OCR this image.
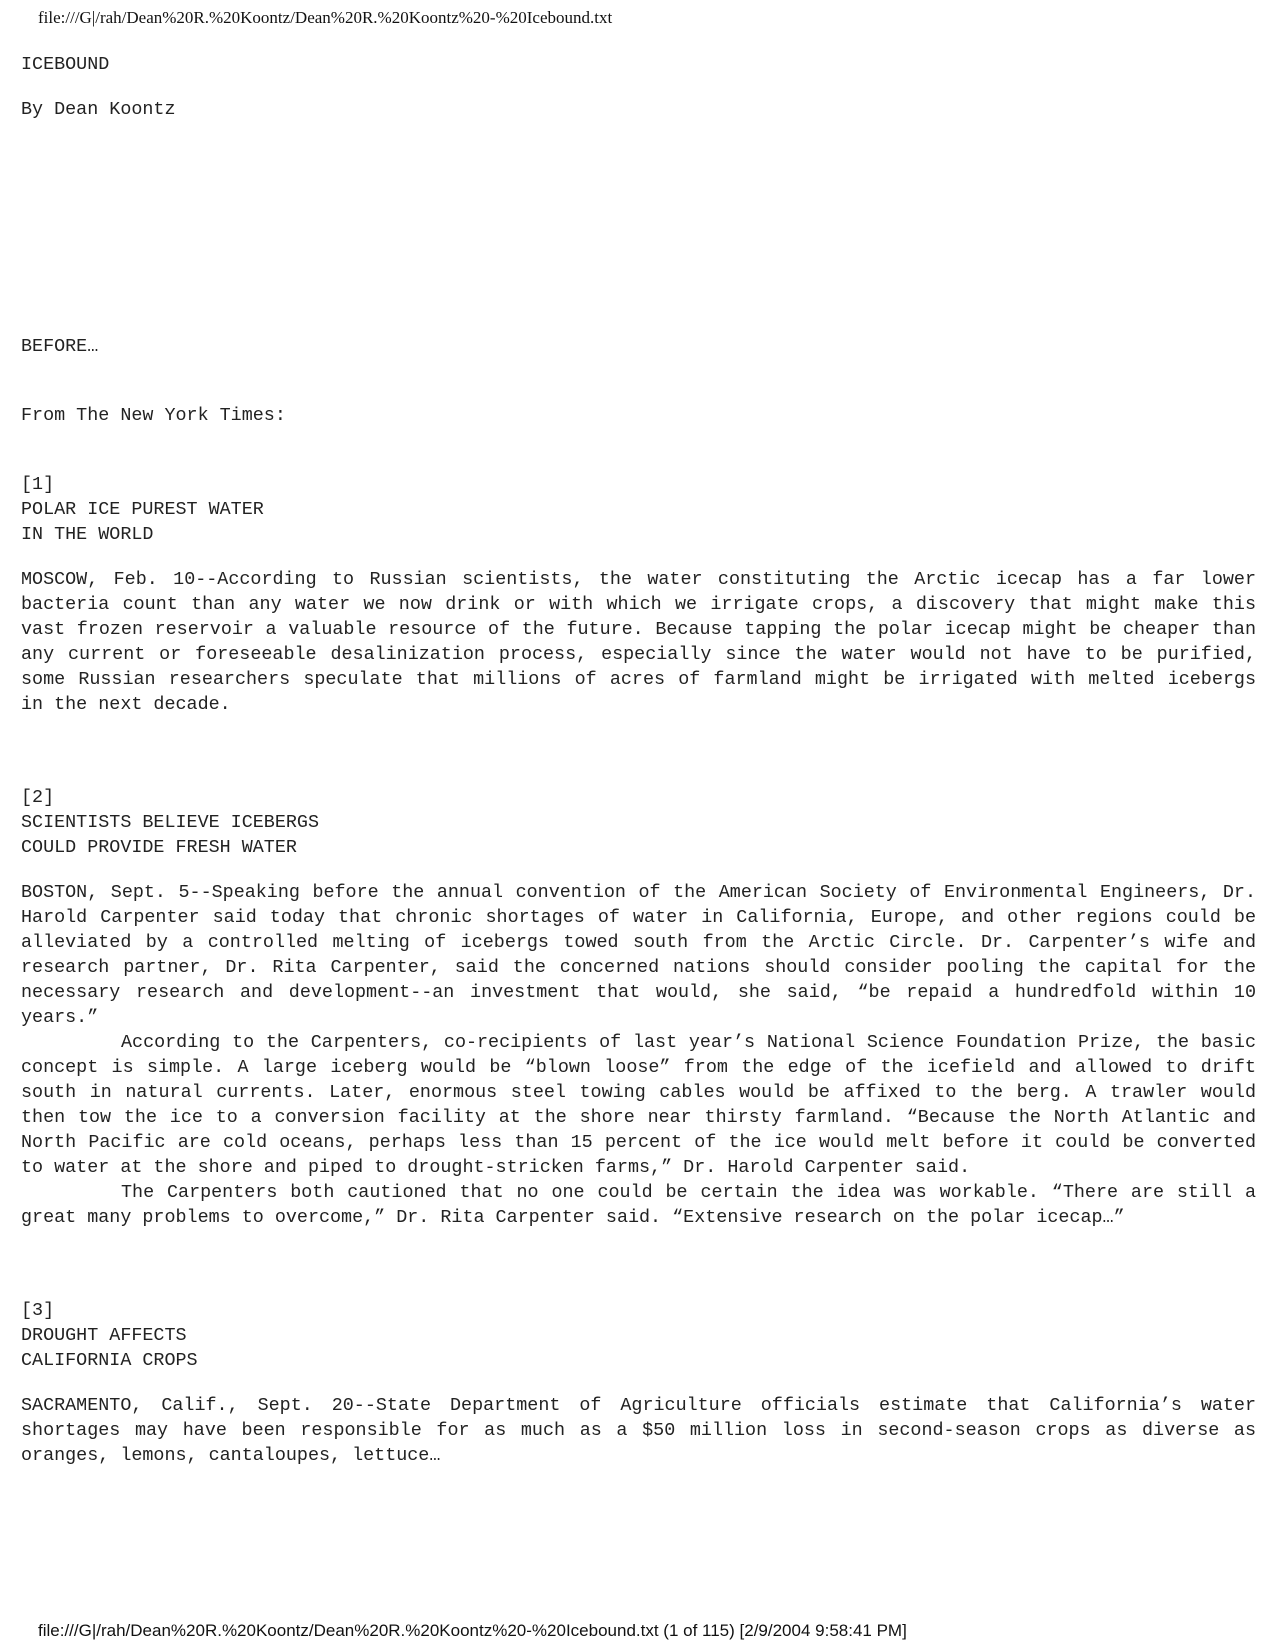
file:///G|/rah/Dean%20R.%20Koontz/Dean%20R.%20Koontz%20-%20Icebound.txt
ICEBOUND
By Dean Koontz
BEFORE…
From The New York Times:
[1]
POLAR ICE PUREST WATER
IN THE WORLD

MOSCOW, Feb. 10--According to Russian scientists, the water constituting the Arctic icecap has a far lower bacteria count than any water we now drink or with which we irrigate crops, a discovery that might make this vast frozen reservoir a valuable resource of the future. Because tapping the polar icecap might be cheaper than any current or foreseeable desalinization process, especially since the water would not have to be purified, some Russian researchers speculate that millions of acres of farmland might be irrigated with melted icebergs in the next decade.

[2]
SCIENTISTS BELIEVE ICEBERGS
COULD PROVIDE FRESH WATER

BOSTON, Sept. 5--Speaking before the annual convention of the American Society of Environmental Engineers, Dr. Harold Carpenter said today that chronic shortages of water in California, Europe, and other regions could be alleviated by a controlled melting of icebergs towed south from the Arctic Circle. Dr. Carpenter’s wife and research partner, Dr. Rita Carpenter, said the concerned nations should consider pooling the capital for the necessary research and development--an investment that would, she said, “be repaid a hundredfold within 10 years.”

According to the Carpenters, co-recipients of last year’s National Science Foundation Prize, the basic concept is simple. A large iceberg would be “blown loose” from the edge of the icefield and allowed to drift south in natural currents. Later, enormous steel towing cables would be affixed to the berg. A trawler would then tow the ice to a conversion facility at the shore near thirsty farmland. “Because the North Atlantic and North Pacific are cold oceans, perhaps less than 15 percent of the ice would melt before it could be converted to water at the shore and piped to drought-stricken farms,” Dr. Harold Carpenter said.

The Carpenters both cautioned that no one could be certain the idea was workable. “There are still a great many problems to overcome,” Dr. Rita Carpenter said. “Extensive research on the polar icecap…”

[3]
DROUGHT AFFECTS
CALIFORNIA CROPS

SACRAMENTO, Calif., Sept. 20--State Department of Agriculture officials estimate that California’s water shortages may have been responsible for as much as a $50 million loss in second-season crops as diverse as oranges, lemons, cantaloupes, lettuce…

file:///G|/rah/Dean%20R.%20Koontz/Dean%20R.%20Koontz%20-%20Icebound.txt (1 of 115) [2/9/2004 9:58:41 PM]
